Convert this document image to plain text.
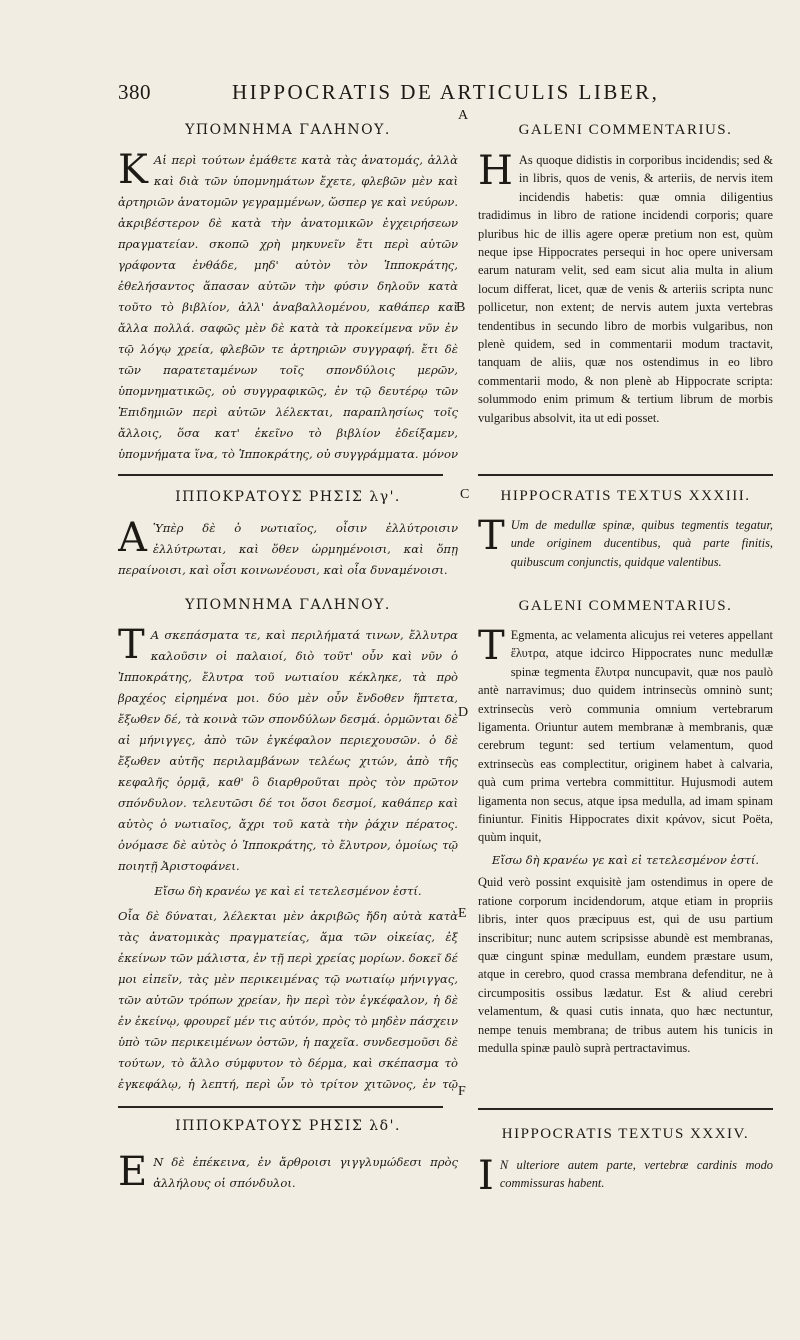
380	HIPPOCRATIS DE ARTICULIS LIBER,
A
B
C
D
E
F
ΥΠΟΜΝΗΜΑ ΓΑΛΗΝΟΥ.
K Αἱ περὶ τούτων ἐμάθετε κατὰ τὰς ἀνατομάς, ἀλλὰ καὶ διὰ τῶν ὑπομνημάτων ἔχετε, φλεβῶν μὲν καὶ ἀρτηριῶν ἀνατομῶν γεγραμμένων, ὥσπερ γε καὶ νεύρων. ἀκριβέστερον δὲ κατὰ τὴν ἀνατομικῶν ἐγχειρήσεων πραγματείαν. σκοπῶ χρὴ μηκυνεῖν ἔτι περὶ αὐτῶν γράφοντα ἐνθάδε, μηδ' αὐτὸν τὸν Ἱπποκράτης, ἐθελήσαντος ἅπασαν αὐτῶν τὴν φύσιν δηλοῦν κατὰ τοῦτο τὸ βιβλίον, ἀλλ' ἀναβαλλομένου, καθάπερ καὶ ἄλλα πολλά. σαφῶς μὲν δὲ κατὰ τὰ προκείμενα νῦν ἐν τῷ λόγῳ χρεία, φλεβῶν τε ἀρτηριῶν συγγραφή. ἔτι δὲ τῶν παρατεταμένων τοῖς σπονδύλοις μερῶν, ὑπομνηματικῶς, οὐ συγγραφικῶς, ἐν τῷ δευτέρῳ τῶν Ἐπιδημιῶν περὶ αὐτῶν λέλεκται, παραπλησίως τοῖς ἄλλοις, ὅσα κατ' ἐκεῖνο τὸ βιβλίον ἐδείξαμεν, ὑπομνήματα ἵνα, τὸ Ἱπποκράτης, οὐ συγγράμματα. μόνον
ΙΠΠΟΚΡΑΤΟΥΣ ΡΗΣΙΣ λγ'.
A Ὑπὲρ δὲ ὁ νωτιαῖος, οἷσιν ἐλλύτροισιν ἐλλύτρωται, καὶ ὅθεν ὡρμημένοισι, καὶ ὅπῃ περαίνοισι, καὶ οἷσι κοινωνέουσι, καὶ οἷα δυναμένοισι.
ΥΠΟΜΝΗΜΑ ΓΑΛΗΝΟΥ.
T Α σκεπάσματα τε, καὶ περιλήματά τινων, ἔλλυτρα καλοῦσιν οἱ παλαιοί, διὸ τοῦτ' οὖν καὶ νῦν ὁ Ἱπποκράτης, ἔλυτρα τοῦ νωτιαίου κέκληκε, τὰ πρὸ βραχέος εἰρημένα μοι. δύο μὲν οὖν ἔνδοθεν ἥπτετα, ἔξωθεν δέ, τὰ κοινὰ τῶν σπονδύλων δεσμά. ὁρμῶνται δὲ αἱ μήνιγγες, ἀπὸ τῶν ἐγκέφαλον περιεχουσῶν. ὁ δὲ ἔξωθεν αὐτῆς περιλαμβάνων τελέως χιτών, ἀπὸ τῆς κεφαλῆς ὁρμᾷ, καθ' ὃ διαρθροῦται πρὸς τὸν πρῶτον σπόνδυλον. τελευτῶσι δέ τοι ὅσοι δεσμοί, καθάπερ καὶ αὐτὸς ὁ νωτιαῖος, ἄχρι τοῦ κατὰ τὴν ῥάχιν πέρατος. ὀνόμασε δὲ αὐτὸς ὁ Ἱπποκράτης, τὸ ἔλυτρον, ὁμοίως τῷ ποιητῇ Ἀριστοφάνει.
Εἴσω δὴ κρανέω γε καὶ εἰ τετελεσμένον ἐστί.
Οἷα δὲ δύναται, λέλεκται μὲν ἀκριβῶς ἤδη αὐτὰ κατὰ τὰς ἀνατομικὰς πραγματείας, ἅμα τῶν οἰκείας, ἐξ ἐκείνων τῶν μάλιστα, ἐν τῇ περὶ χρείας μορίων. δοκεῖ δέ μοι εἰπεῖν, τὰς μὲν περικειμένας τῷ νωτιαίῳ μήνιγγας, τῶν αὐτῶν τρόπων χρείαν, ἣν περὶ τὸν ἐγκέφαλον, ἡ δὲ ἐν ἐκείνῳ, φρουρεῖ μέν τις αὐτόν, πρὸς τὸ μηδὲν πάσχειν ὑπὸ τῶν περικειμένων ὀστῶν, ἡ παχεῖα. συνδεσμοῦσι δὲ τούτων, τὸ ἄλλο σύμφυτον τὸ δέρμα, καὶ σκέπασμα τὸ ἐγκεφάλῳ, ἡ λεπτή, περὶ ὧν τὸ τρίτον χιτῶνος, ἐν τῷ
ΙΠΠΟΚΡΑΤΟΥΣ ΡΗΣΙΣ λδ'.
E Ν δὲ ἐπέκεινα, ἐν ἄρθροισι γιγγλυμώδεσι πρὸς ἀλλήλους οἱ σπόνδυλοι.
GALENI COMMENTARIUS.
H As quoque didistis in corporibus incidendis; sed & in libris, quos de venis, & arteriis, de nervis item incidendis habetis: quæ omnia diligentius tradidimus in libro de ratione incidendi corporis; quare pluribus hic de illis agere operæ pretium non est, quùm neque ipse Hippocrates persequi in hoc opere universam earum naturam velit, sed eam sicut alia multa in alium locum differat, licet, quæ de venis & arteriis scripta nunc pollicetur, non extent; de nervis autem juxta vertebras tendentibus in secundo libro de morbis vulgaribus, non plenè quidem, sed in commentarii modum tractavit, tanquam de aliis, quæ nos ostendimus in eo libro commentarii modo, & non plenè ab Hippocrate scripta: solummodo enim primum & tertium librum de morbis vulgaribus absolvit, ita ut edi posset.
HIPPOCRATIS TEXTUS XXXIII.
T Um de medullæ spinæ, quibus tegmentis tegatur, unde originem ducentibus, quà parte finitis, quibuscum conjunctis, quidque valentibus.
GALENI COMMENTARIUS.
T Egmenta, ac velamenta alicujus rei veteres appellant ἔλυτρα, atque idcirco Hippocrates nunc medullæ spinæ tegmenta ἔλυτρα nuncupavit, quæ nos paulò antè narravimus; duo quidem intrinsecùs omninò sunt; extrinsecùs verò communia omnium vertebrarum ligamenta. Oriuntur autem membranæ à membranis, quæ cerebrum tegunt: sed tertium velamentum, quod extrinsecùs eas complectitur, originem habet à calvaria, quà cum prima vertebra committitur. Hujusmodi autem ligamenta non secus, atque ipsa medulla, ad imam spinam finiuntur. Finitis Hippocrates dixit κράνον, sicut Poëta, quùm inquit,
Εἴσω δὴ κρανέω γε καὶ εἰ τετελεσμένον ἐστί.
Quid verò possint exquisitè jam ostendimus in opere de ratione corporum incidendorum, atque etiam in propriis libris, inter quos præcipuus est, qui de usu partium inscribitur; nunc autem scripsisse abundè est membranas, quæ cingunt spinæ medullam, eundem præstare usum, atque in cerebro, quod crassa membrana defenditur, ne à circumpositis ossibus lædatur. Est & aliud cerebri velamentum, & quasi cutis innata, quo hæc nectuntur, nempe tenuis membrana; de tribus autem his tunicis in medulla spinæ paulò suprà pertractavimus.
HIPPOCRATIS TEXTUS XXXIV.
I N ulteriore autem parte, vertebræ cardinis modo commissuras habent.
